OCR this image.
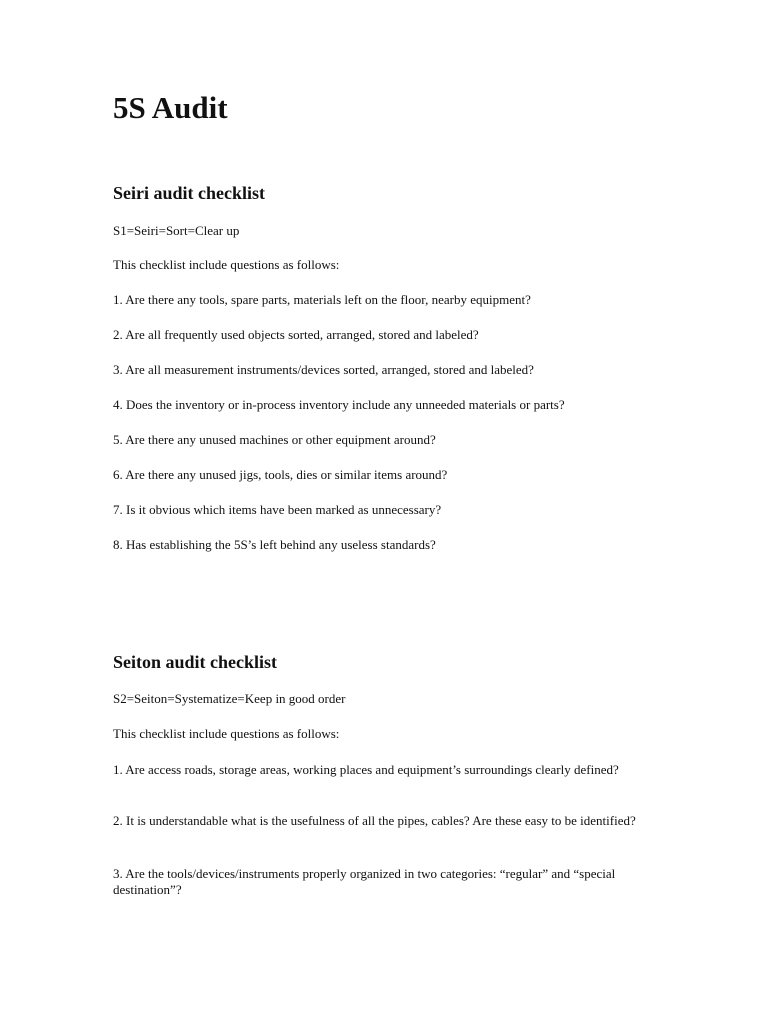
5S Audit
Seiri audit checklist

S1=Seiri=Sort=Clear up

This checklist include questions as follows:

1. Are there any tools, spare parts, materials left on the floor, nearby equipment?

2. Are all frequently used objects sorted, arranged, stored and labeled?

3. Are all measurement instruments/devices sorted, arranged, stored and labeled?

4. Does the inventory or in-process inventory include any unneeded materials or parts?

5. Are there any unused machines or other equipment around?

6. Are there any unused jigs, tools, dies or similar items around?

7. Is it obvious which items have been marked as unnecessary?

8. Has establishing the 5S’s left behind any useless standards?

Seiton audit checklist

S2=Seiton=Systematize=Keep in good order

This checklist include questions as follows:

1. Are access roads, storage areas, working places and equipment’s surroundings clearly defined?

2. It is understandable what is the usefulness of all the pipes, cables? Are these easy to be identified?

3. Are the tools/devices/instruments properly organized in two categories: “regular” and “special destination”?
